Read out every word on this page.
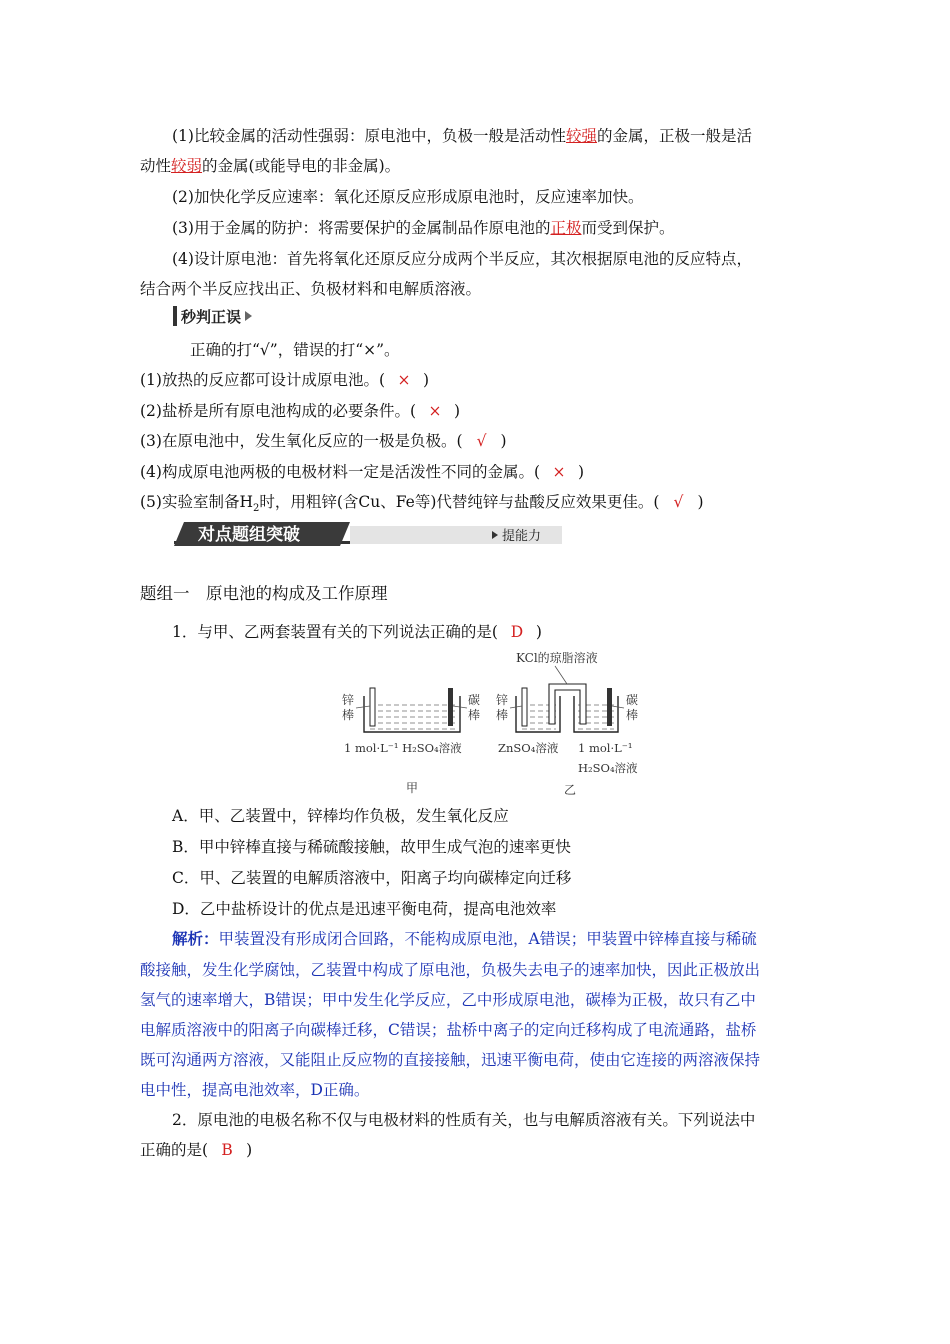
(1)比较金属的活动性强弱：原电池中，负极一般是活动性较强的金属，正极一般是活
动性较弱的金属(或能导电的非金属)。
(2)加快化学反应速率：氧化还原反应形成原电池时，反应速率加快。
(3)用于金属的防护：将需要保护的金属制品作原电池的正极而受到保护。
(4)设计原电池：首先将氧化还原反应分成两个半反应，其次根据原电池的反应特点，
结合两个半反应找出正、负极材料和电解质溶液。
秒判正误
正确的打“√”，错误的打“×”。
(1)放热的反应都可设计成原电池。( × )
(2)盐桥是所有原电池构成的必要条件。( × )
(3)在原电池中，发生氧化反应的一极是负极。( √ )
(4)构成原电池两极的电极材料一定是活泼性不同的金属。( × )
(5)实验室制备$H_2$时，用粗锌(含Cu、Fe等)代替纯锌与盐酸反应效果更佳。( √ )
对点题组突破	提能力
题组一　原电池的构成及工作原理
1．与甲、乙两套装置有关的下列说法正确的是( D )
锌
棒
碳
棒
1 mol·L⁻¹ H₂SO₄溶液
甲
锌
棒
碳
棒
KCl的琼脂溶液
ZnSO₄溶液 1 mol·L⁻¹
H₂SO₄溶液
乙
A．甲、乙装置中，锌棒均作负极，发生氧化反应
B．甲中锌棒直接与稀硫酸接触，故甲生成气泡的速率更快
C．甲、乙装置的电解质溶液中，阳离子均向碳棒定向迁移
D．乙中盐桥设计的优点是迅速平衡电荷，提高电池效率
解析：甲装置没有形成闭合回路，不能构成原电池，A错误；甲装置中锌棒直接与稀硫
酸接触，发生化学腐蚀，乙装置中构成了原电池，负极失去电子的速率加快，因此正极放出
氢气的速率增大，B错误；甲中发生化学反应，乙中形成原电池，碳棒为正极，故只有乙中
电解质溶液中的阳离子向碳棒迁移，C错误；盐桥中离子的定向迁移构成了电流通路，盐桥
既可沟通两方溶液，又能阻止反应物的直接接触，迅速平衡电荷，使由它连接的两溶液保持
电中性，提高电池效率，D正确。
2．原电池的电极名称不仅与电极材料的性质有关，也与电解质溶液有关。下列说法中
正确的是( B )
